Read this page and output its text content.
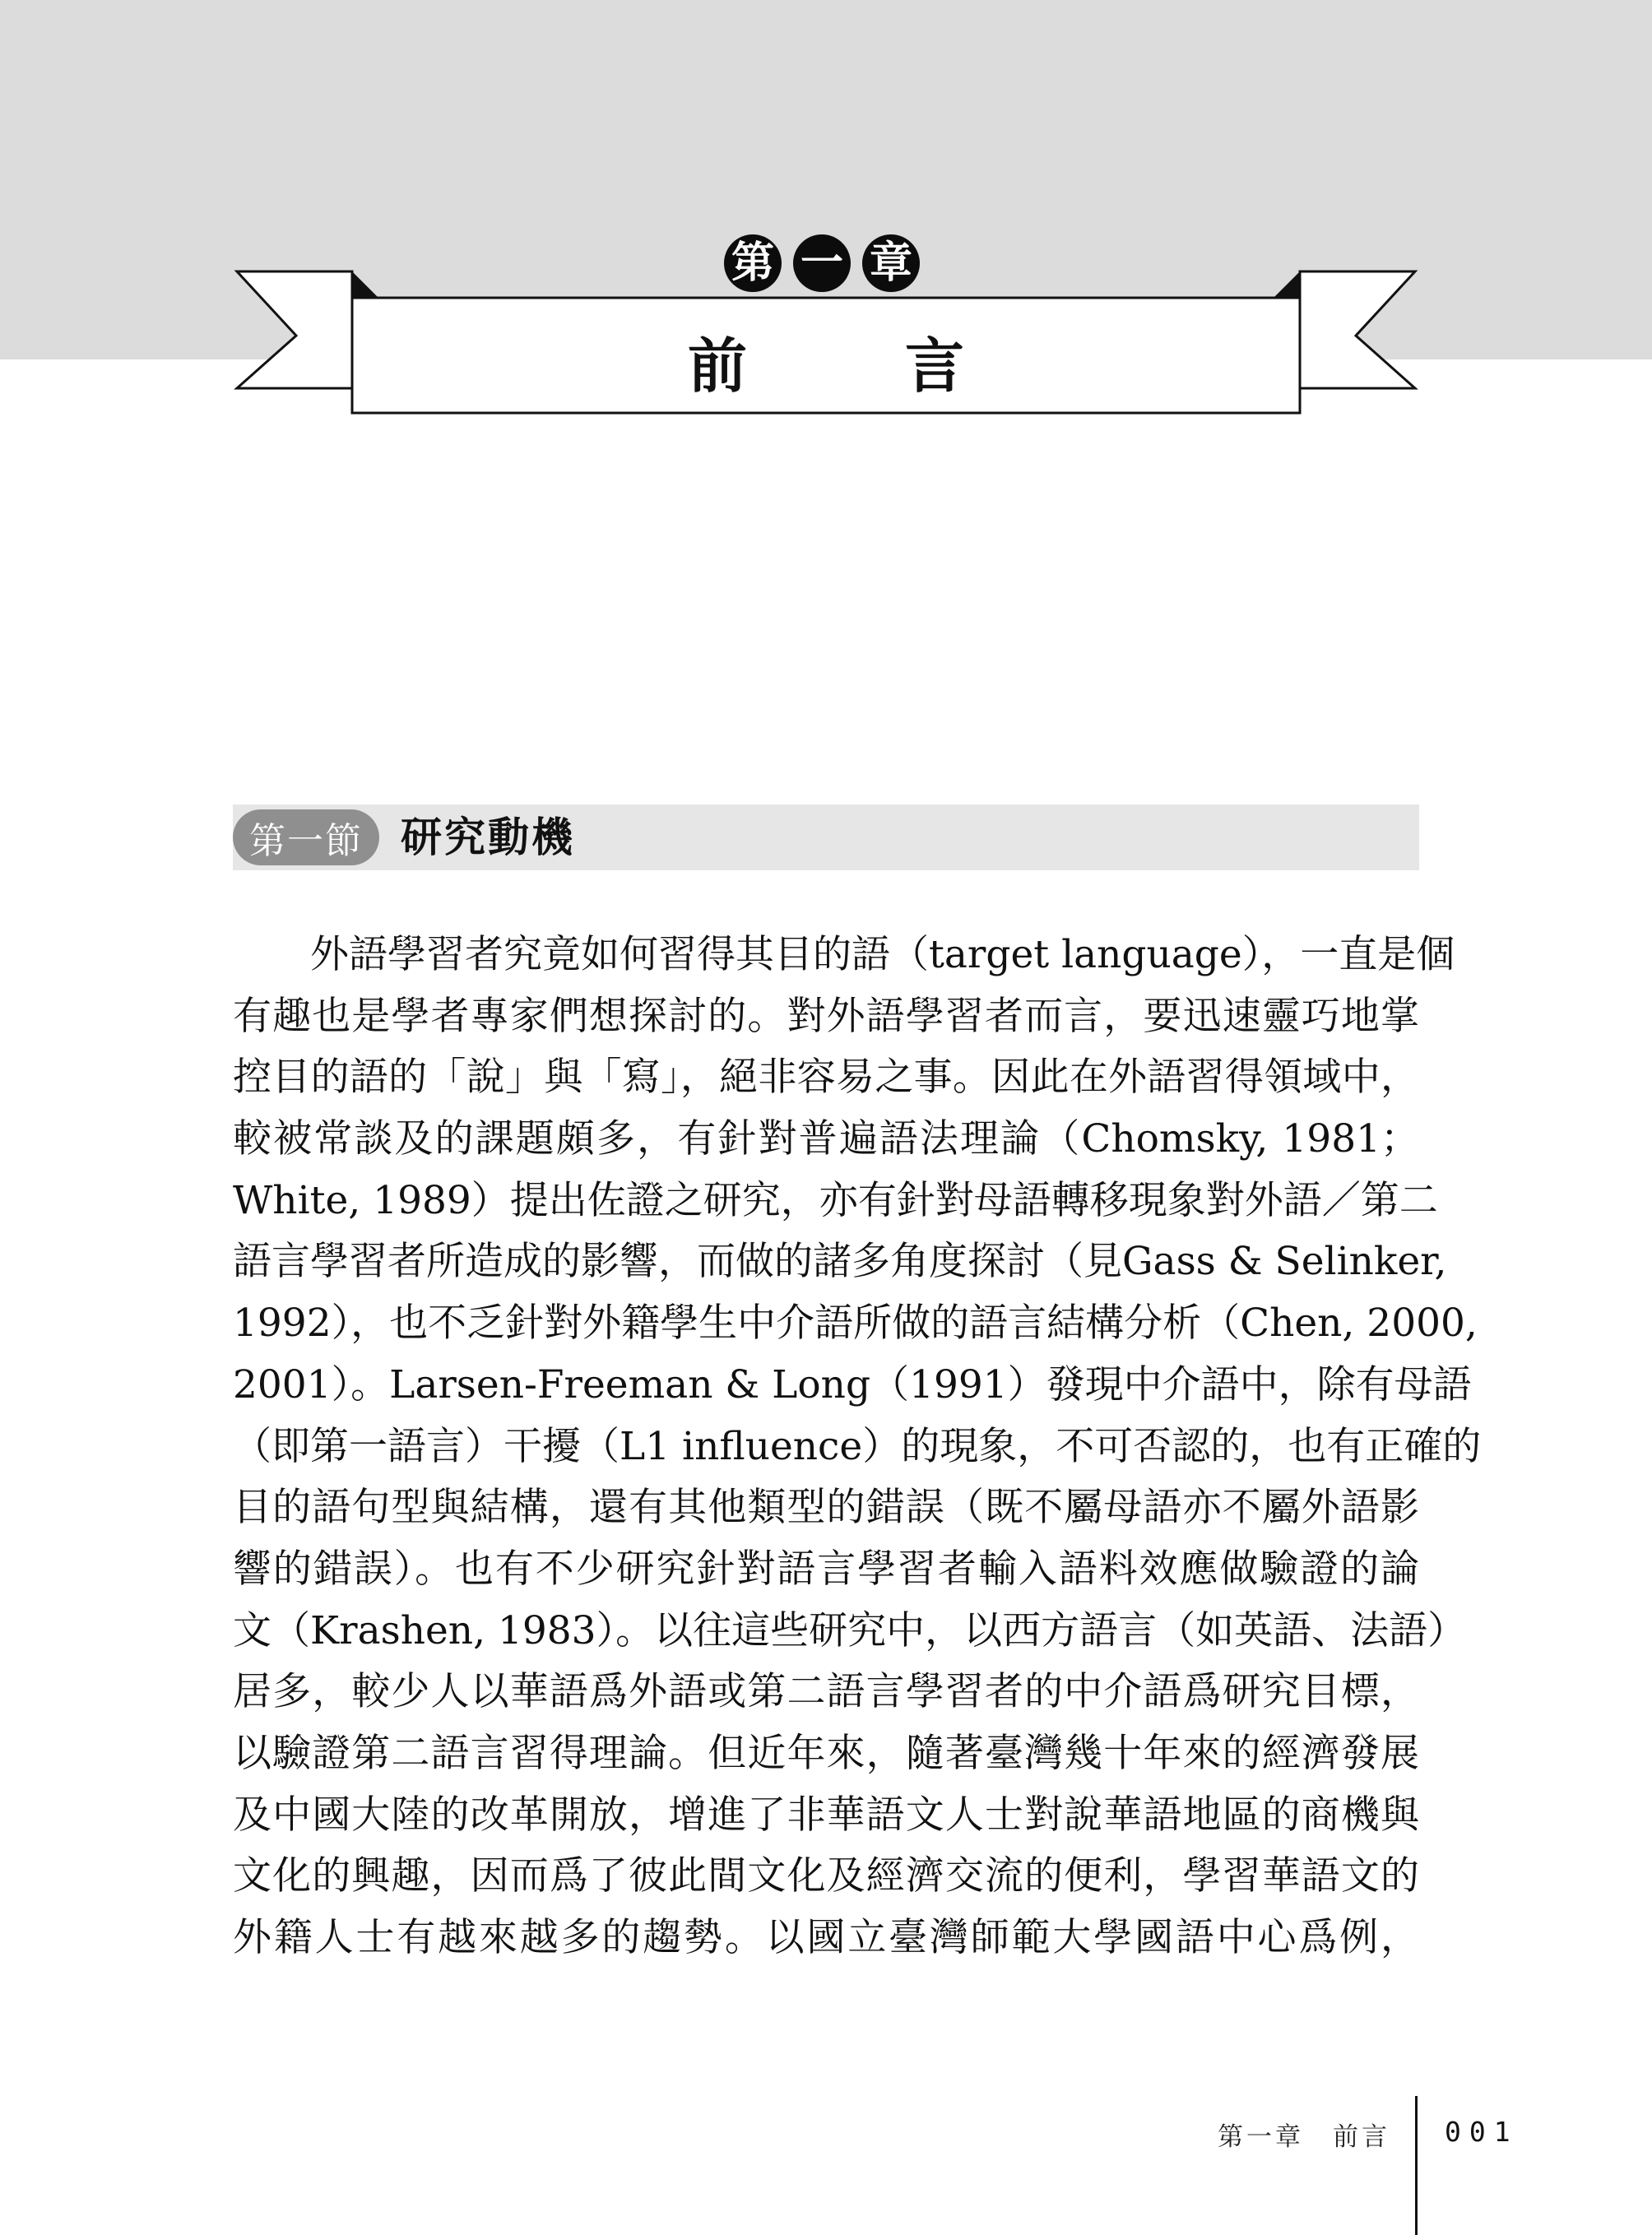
第 一 章
前　言
第一節 研究動機
外語學習者究竟如何習得其目的語（target language），一直是個
有趣也是學者專家們想探討的。對外語學習者而言，要迅速靈巧地掌
控目的語的「說」與「寫」，絕非容易之事。因此在外語習得領域中，
較被常談及的課題頗多，有針對普遍語法理論（Chomsky, 1981；
White, 1989）提出佐證之研究，亦有針對母語轉移現象對外語／第二
語言學習者所造成的影響，而做的諸多角度探討（見Gass & Selinker,
1992），也不乏針對外籍學生中介語所做的語言結構分析（Chen, 2000,
2001）。Larsen-Freeman & Long（1991）發現中介語中，除有母語
（即第一語言）干擾（L1 influence）的現象，不可否認的，也有正確的
目的語句型與結構，還有其他類型的錯誤（既不屬母語亦不屬外語影
響的錯誤）。也有不少研究針對語言學習者輸入語料效應做驗證的論
文（Krashen, 1983）。以往這些研究中，以西方語言（如英語、法語）
居多，較少人以華語爲外語或第二語言學習者的中介語爲研究目標，
以驗證第二語言習得理論。但近年來，隨著臺灣幾十年來的經濟發展
及中國大陸的改革開放，增進了非華語文人士對說華語地區的商機與
文化的興趣，因而爲了彼此間文化及經濟交流的便利，學習華語文的
外籍人士有越來越多的趨勢。以國立臺灣師範大學國語中心爲例，
第一章　前言 001
